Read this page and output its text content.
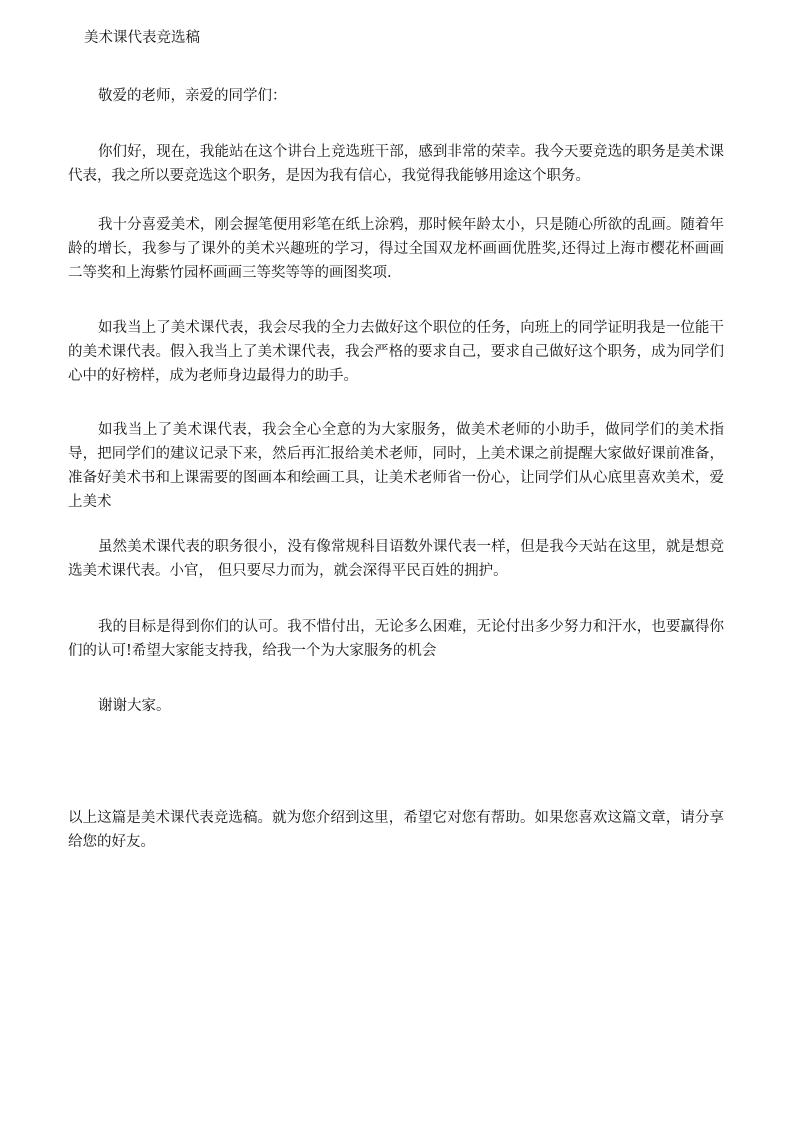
美术课代表竞选稿

敬爱的老师，亲爱的同学们：

你们好，现在，我能站在这个讲台上竞选班干部，感到非常的荣幸。我今天要竞选的职务是美术课代表，我之所以要竞选这个职务，是因为我有信心，我觉得我能够用途这个职务。

我十分喜爱美术，刚会握笔便用彩笔在纸上涂鸦，那时候年龄太小，只是随心所欲的乱画。随着年龄的增长，我参与了课外的美术兴趣班的学习，得过全国双龙杯画画优胜奖,还得过上海市樱花杯画画二等奖和上海紫竹园杯画画三等奖等等的画图奖项.

如我当上了美术课代表，我会尽我的全力去做好这个职位的任务，向班上的同学证明我是一位能干的美术课代表。假入我当上了美术课代表，我会严格的要求自己，要求自己做好这个职务，成为同学们心中的好榜样，成为老师身边最得力的助手。

如我当上了美术课代表，我会全心全意的为大家服务，做美术老师的小助手，做同学们的美术指导，把同学们的建议记录下来，然后再汇报给美术老师，同时，上美术课之前提醒大家做好课前准备，准备好美术书和上课需要的图画本和绘画工具，让美术老师省一份心，让同学们从心底里喜欢美术，爱上美术

虽然美术课代表的职务很小，没有像常规科目语数外课代表一样，但是我今天站在这里，就是想竞选美术课代表。小官， 但只要尽力而为，就会深得平民百姓的拥护。

我的目标是得到你们的认可。我不惜付出，无论多么困难，无论付出多少努力和汗水，也要赢得你们的认可!希望大家能支持我，给我一个为大家服务的机会

谢谢大家。

以上这篇是美术课代表竞选稿。就为您介绍到这里，希望它对您有帮助。如果您喜欢这篇文章，请分享给您的好友。
